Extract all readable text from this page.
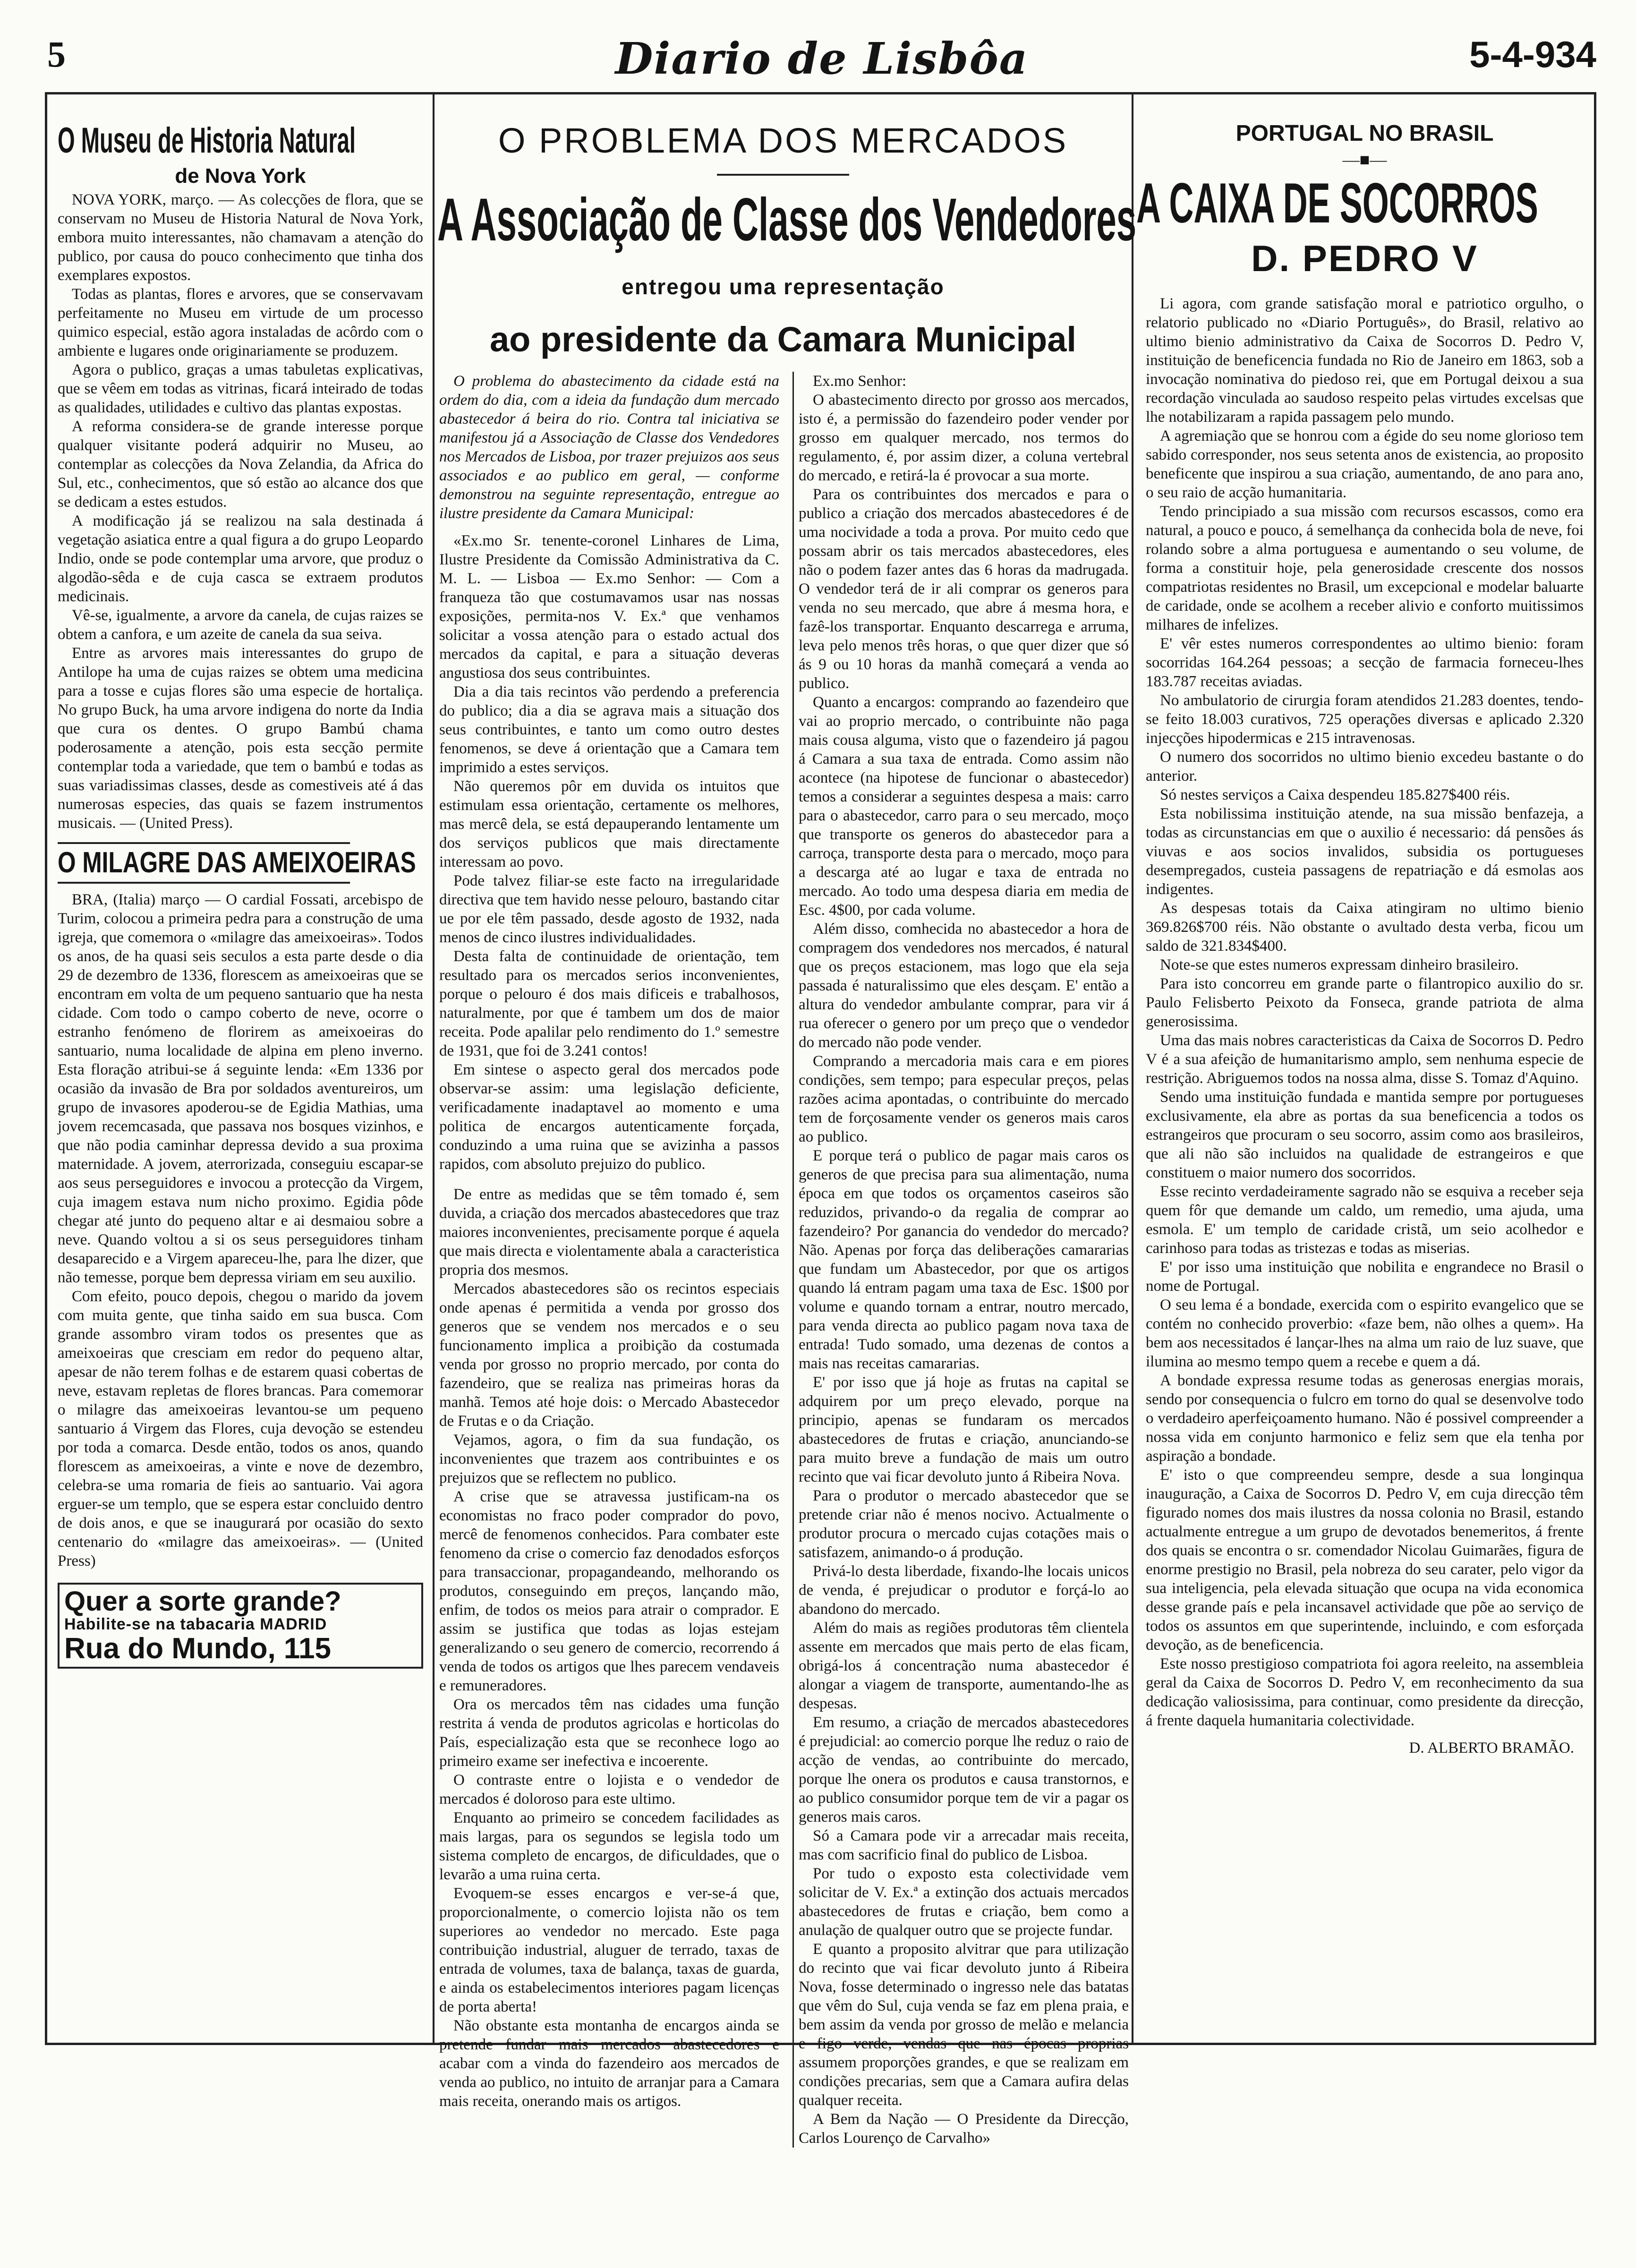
5	Diario de Lisbôa	5-4-934
O Museu de Historia Natural
de Nova York

NOVA YORK, março. — As colecções de flora, que se conservam no Museu de Historia Natural de Nova York, embora muito interessantes, não chamavam a atenção do publico, por causa do pouco conhecimento que tinha dos exemplares expostos.

Todas as plantas, flores e arvores, que se conservavam perfeitamente no Museu em virtude de um processo quimico especial, estão agora instaladas de acôrdo com o ambiente e lugares onde originariamente se produzem.

Agora o publico, graças a umas tabuletas explicativas, que se vêem em todas as vitrinas, ficará inteirado de todas as qualidades, utilidades e cultivo das plantas expostas.

A reforma considera-se de grande interesse porque qualquer visitante poderá adquirir no Museu, ao contemplar as colecções da Nova Zelandia, da Africa do Sul, etc., conhecimentos, que só estão ao alcance dos que se dedicam a estes estudos.

A modificação já se realizou na sala destinada á vegetação asiatica entre a qual figura a do grupo Leopardo Indio, onde se pode contemplar uma arvore, que produz o algodão-sêda e de cuja casca se extraem produtos medicinais.

Vê-se, igualmente, a arvore da canela, de cujas raizes se obtem a canfora, e um azeite de canela da sua seiva.

Entre as arvores mais interessantes do grupo de Antilope ha uma de cujas raizes se obtem uma medicina para a tosse e cujas flores são uma especie de hortaliça. No grupo Buck, ha uma arvore indigena do norte da India que cura os dentes. O grupo Bambú chama poderosamente a atenção, pois esta secção permite contemplar toda a variedade, que tem o bambú e todas as suas variadissimas classes, desde as comestiveis até á das numerosas especies, das quais se fazem instrumentos musicais. — (United Press).

O MILAGRE DAS AMEIXOEIRAS

BRA, (Italia) março — O cardial Fossati, arcebispo de Turim, colocou a primeira pedra para a construção de uma igreja, que comemora o «milagre das ameixoeiras». Todos os anos, de ha quasi seis seculos a esta parte desde o dia 29 de dezembro de 1336, florescem as ameixoeiras que se encontram em volta de um pequeno santuario que ha nesta cidade. Com todo o campo coberto de neve, ocorre o estranho fenómeno de florirem as ameixoeiras do santuario, numa localidade de alpina em pleno inverno. Esta floração atribui-se á seguinte lenda: «Em 1336 por ocasião da invasão de Bra por soldados aventureiros, um grupo de invasores apoderou-se de Egidia Mathias, uma jovem recemcasada, que passava nos bosques vizinhos, e que não podia caminhar depressa devido a sua proxima maternidade. A jovem, aterrorizada, conseguiu escapar-se aos seus perseguidores e invocou a protecção da Virgem, cuja imagem estava num nicho proximo. Egidia pôde chegar até junto do pequeno altar e ai desmaiou sobre a neve. Quando voltou a si os seus perseguidores tinham desaparecido e a Virgem apareceu-lhe, para lhe dizer, que não temesse, porque bem depressa viriam em seu auxilio.

Com efeito, pouco depois, chegou o marido da jovem com muita gente, que tinha saido em sua busca. Com grande assombro viram todos os presentes que as ameixoeiras que cresciam em redor do pequeno altar, apesar de não terem folhas e de estarem quasi cobertas de neve, estavam repletas de flores brancas. Para comemorar o milagre das ameixoeiras levantou-se um pequeno santuario á Virgem das Flores, cuja devoção se estendeu por toda a comarca. Desde então, todos os anos, quando florescem as ameixoeiras, a vinte e nove de dezembro, celebra-se uma romaria de fieis ao santuario. Vai agora erguer-se um templo, que se espera estar concluido dentro de dois anos, e que se inaugurará por ocasião do sexto centenario do «milagre das ameixoeiras». — (United Press)

Quer a sorte grande?
Habilite-se na tabacaria MADRID
Rua do Mundo, 115
O PROBLEMA DOS MERCADOS
A Associação de Classe dos Vendedores
entregou uma representação
ao presidente da Camara Municipal

O problema do abastecimento da cidade está na ordem do dia, com a ideia da fundação dum mercado abastecedor á beira do rio. Contra tal iniciativa se manifestou já a Associação de Classe dos Vendedores nos Mercados de Lisboa, por trazer prejuizos aos seus associados e ao publico em geral, — conforme demonstrou na seguinte representação, entregue ao ilustre presidente da Camara Municipal:

«Ex.mo Sr. tenente-coronel Linhares de Lima, Ilustre Presidente da Comissão Administrativa da C. M. L. — Lisboa — Ex.mo Senhor: — Com a franqueza tão que costumavamos usar nas nossas exposições, permita-nos V. Ex.ª que venhamos solicitar a vossa atenção para o estado actual dos mercados da capital, e para a situação deveras angustiosa dos seus contribuintes.

Dia a dia tais recintos vão perdendo a preferencia do publico; dia a dia se agrava mais a situação dos seus contribuintes, e tanto um como outro destes fenomenos, se deve á orientação que a Camara tem imprimido a estes serviços.

Não queremos pôr em duvida os intuitos que estimulam essa orientação, certamente os melhores, mas mercê dela, se está depauperando lentamente um dos serviços publicos que mais directamente interessam ao povo.

Pode talvez filiar-se este facto na irregularidade directiva que tem havido nesse pelouro, bastando citar ue por ele têm passado, desde agosto de 1932, nada menos de cinco ilustres individualidades.

Desta falta de continuidade de orientação, tem resultado para os mercados serios inconvenientes, porque o pelouro é dos mais dificeis e trabalhosos, naturalmente, por que é tambem um dos de maior receita. Pode apalilar pelo rendimento do 1.º semestre de 1931, que foi de 3.241 contos!

Em sintese o aspecto geral dos mercados pode observar-se assim: uma legislação deficiente, verificadamente inadaptavel ao momento e uma politica de encargos autenticamente forçada, conduzindo a uma ruina que se avizinha a passos rapidos, com absoluto prejuizo do publico.

De entre as medidas que se têm tomado é, sem duvida, a criação dos mercados abastecedores que traz maiores inconvenientes, precisamente porque é aquela que mais directa e violentamente abala a caracteristica propria dos mesmos.

Mercados abastecedores são os recintos especiais onde apenas é permitida a venda por grosso dos generos que se vendem nos mercados e o seu funcionamento implica a proibição da costumada venda por grosso no proprio mercado, por conta do fazendeiro, que se realiza nas primeiras horas da manhã. Temos até hoje dois: o Mercado Abastecedor de Frutas e o da Criação.

Vejamos, agora, o fim da sua fundação, os inconvenientes que trazem aos contribuintes e os prejuizos que se reflectem no publico.

A crise que se atravessa justificam-na os economistas no fraco poder comprador do povo, mercê de fenomenos conhecidos. Para combater este fenomeno da crise o comercio faz denodados esforços para transaccionar, propagandeando, melhorando os produtos, conseguindo em preços, lançando mão, enfim, de todos os meios para atrair o comprador. E assim se justifica que todas as lojas estejam generalizando o seu genero de comercio, recorrendo á venda de todos os artigos que lhes parecem vendaveis e remuneradores.

Ora os mercados têm nas cidades uma função restrita á venda de produtos agricolas e horticolas do País, especialização esta que se reconhece logo ao primeiro exame ser inefectiva e incoerente.

O contraste entre o lojista e o vendedor de mercados é doloroso para este ultimo.

Enquanto ao primeiro se concedem facilidades as mais largas, para os segundos se legisla todo um sistema completo de encargos, de dificuldades, que o levarão a uma ruina certa.

Evoquem-se esses encargos e ver-se-á que, proporcionalmente, o comercio lojista não os tem superiores ao vendedor no mercado. Este paga contribuição industrial, aluguer de terrado, taxas de entrada de volumes, taxa de balança, taxas de guarda, e ainda os estabelecimentos interiores pagam licenças de porta aberta!

Não obstante esta montanha de encargos ainda se pretende fundar mais mercados abastecedores e acabar com a vinda do fazendeiro aos mercados de venda ao publico, no intuito de arranjar para a Camara mais receita, onerando mais os artigos.

Ex.mo Senhor:

O abastecimento directo por grosso aos mercados, isto é, a permissão do fazendeiro poder vender por grosso em qualquer mercado, nos termos do regulamento, é, por assim dizer, a coluna vertebral do mercado, e retirá-la é provocar a sua morte.

Para os contribuintes dos mercados e para o publico a criação dos mercados abastecedores é de uma nocividade a toda a prova. Por muito cedo que possam abrir os tais mercados abastecedores, eles não o podem fazer antes das 6 horas da madrugada. O vendedor terá de ir ali comprar os generos para venda no seu mercado, que abre á mesma hora, e fazê-los transportar. Enquanto descarrega e arruma, leva pelo menos três horas, o que quer dizer que só ás 9 ou 10 horas da manhã começará a venda ao publico.

Quanto a encargos: comprando ao fazendeiro que vai ao proprio mercado, o contribuinte não paga mais cousa alguma, visto que o fazendeiro já pagou á Camara a sua taxa de entrada. Como assim não acontece (na hipotese de funcionar o abastecedor) temos a considerar a seguintes despesa a mais: carro para o abastecedor, carro para o seu mercado, moço que transporte os generos do abastecedor para a carroça, transporte desta para o mercado, moço para a descarga até ao lugar e taxa de entrada no mercado. Ao todo uma despesa diaria em media de Esc. 4$00, por cada volume.

Além disso, comhecida no abastecedor a hora de compragem dos vendedores nos mercados, é natural que os preços estacionem, mas logo que ela seja passada é naturalissimo que eles desçam. E' então a altura do vendedor ambulante comprar, para vir á rua oferecer o genero por um preço que o vendedor do mercado não pode vender.

Comprando a mercadoria mais cara e em piores condições, sem tempo; para especular preços, pelas razões acima apontadas, o contribuinte do mercado tem de forçosamente vender os generos mais caros ao publico.

E porque terá o publico de pagar mais caros os generos de que precisa para sua alimentação, numa época em que todos os orçamentos caseiros são reduzidos, privando-o da regalia de comprar ao fazendeiro? Por ganancia do vendedor do mercado? Não. Apenas por força das deliberações camararias que fundam um Abastecedor, por que os artigos quando lá entram pagam uma taxa de Esc. 1$00 por volume e quando tornam a entrar, noutro mercado, para venda directa ao publico pagam nova taxa de entrada! Tudo somado, uma dezenas de contos a mais nas receitas camararias.

E' por isso que já hoje as frutas na capital se adquirem por um preço elevado, porque na principio, apenas se fundaram os mercados abastecedores de frutas e criação, anunciando-se para muito breve a fundação de mais um outro recinto que vai ficar devoluto junto á Ribeira Nova.

Para o produtor o mercado abastecedor que se pretende criar não é menos nocivo. Actualmente o produtor procura o mercado cujas cotações mais o satisfazem, animando-o á produção.

Privá-lo desta liberdade, fixando-lhe locais unicos de venda, é prejudicar o produtor e forçá-lo ao abandono do mercado.

Além do mais as regiões produtoras têm clientela assente em mercados que mais perto de elas ficam, obrigá-los á concentração numa abastecedor é alongar a viagem de transporte, aumentando-lhe as despesas.

Em resumo, a criação de mercados abastecedores é prejudicial: ao comercio porque lhe reduz o raio de acção de vendas, ao contribuinte do mercado, porque lhe onera os produtos e causa transtornos, e ao publico consumidor porque tem de vir a pagar os generos mais caros.

Só a Camara pode vir a arrecadar mais receita, mas com sacrificio final do publico de Lisboa.

Por tudo o exposto esta colectividade vem solicitar de V. Ex.ª a extinção dos actuais mercados abastecedores de frutas e criação, bem como a anulação de qualquer outro que se projecte fundar.

E quanto a proposito alvitrar que para utilização do recinto que vai ficar devoluto junto á Ribeira Nova, fosse determinado o ingresso nele das batatas que vêm do Sul, cuja venda se faz em plena praia, e bem assim da venda por grosso de melão e melancia e figo verde, vendas que nas épocas proprias assumem proporções grandes, e que se realizam em condições precarias, sem que a Camara aufira delas qualquer receita.

A Bem da Nação — O Presidente da Direcção, Carlos Lourenço de Carvalho»

PORTUGAL NO BRASIL
—■—
A CAIXA DE SOCORROS
D. PEDRO V

Li agora, com grande satisfação moral e patriotico orgulho, o relatorio publicado no «Diario Português», do Brasil, relativo ao ultimo bienio administrativo da Caixa de Socorros D. Pedro V, instituição de beneficencia fundada no Rio de Janeiro em 1863, sob a invocação nominativa do piedoso rei, que em Portugal deixou a sua recordação vinculada ao saudoso respeito pelas virtudes excelsas que lhe notabilizaram a rapida passagem pelo mundo.

A agremiação que se honrou com a égide do seu nome glorioso tem sabido corresponder, nos seus setenta anos de existencia, ao proposito beneficente que inspirou a sua criação, aumentando, de ano para ano, o seu raio de acção humanitaria.

Tendo principiado a sua missão com recursos escassos, como era natural, a pouco e pouco, á semelhança da conhecida bola de neve, foi rolando sobre a alma portuguesa e aumentando o seu volume, de forma a constituir hoje, pela generosidade crescente dos nossos compatriotas residentes no Brasil, um excepcional e modelar baluarte de caridade, onde se acolhem a receber alivio e conforto muitissimos milhares de infelizes.

E' vêr estes numeros correspondentes ao ultimo bienio: foram socorridas 164.264 pessoas; a secção de farmacia forneceu-lhes 183.787 receitas aviadas.

No ambulatorio de cirurgia foram atendidos 21.283 doentes, tendo-se feito 18.003 curativos, 725 operações diversas e aplicado 2.320 injecções hipodermicas e 215 intravenosas.

O numero dos socorridos no ultimo bienio excedeu bastante o do anterior.

Só nestes serviços a Caixa despendeu 185.827$400 réis.

Esta nobilissima instituição atende, na sua missão benfazeja, a todas as circunstancias em que o auxilio é necessario: dá pensões ás viuvas e aos socios invalidos, subsidia os portugueses desempregados, custeia passagens de repatriação e dá esmolas aos indigentes.

As despesas totais da Caixa atingiram no ultimo bienio 369.826$700 réis. Não obstante o avultado desta verba, ficou um saldo de 321.834$400.

Note-se que estes numeros expressam dinheiro brasileiro.

Para isto concorreu em grande parte o filantropico auxilio do sr. Paulo Felisberto Peixoto da Fonseca, grande patriota de alma generosissima.

Uma das mais nobres caracteristicas da Caixa de Socorros D. Pedro V é a sua afeição de humanitarismo amplo, sem nenhuma especie de restrição. Abriguemos todos na nossa alma, disse S. Tomaz d'Aquino.

Sendo uma instituição fundada e mantida sempre por portugueses exclusivamente, ela abre as portas da sua beneficencia a todos os estrangeiros que procuram o seu socorro, assim como aos brasileiros, que ali não são incluidos na qualidade de estrangeiros e que constituem o maior numero dos socorridos.

Esse recinto verdadeiramente sagrado não se esquiva a receber seja quem fôr que demande um caldo, um remedio, uma ajuda, uma esmola. E' um templo de caridade cristã, um seio acolhedor e carinhoso para todas as tristezas e todas as miserias.

E' por isso uma instituição que nobilita e engrandece no Brasil o nome de Portugal.

O seu lema é a bondade, exercida com o espirito evangelico que se contém no conhecido proverbio: «faze bem, não olhes a quem». Ha bem aos necessitados é lançar-lhes na alma um raio de luz suave, que ilumina ao mesmo tempo quem a recebe e quem a dá.

A bondade expressa resume todas as generosas energias morais, sendo por consequencia o fulcro em torno do qual se desenvolve todo o verdadeiro aperfeiçoamento humano. Não é possivel compreender a nossa vida em conjunto harmonico e feliz sem que ela tenha por aspiração a bondade.

E' isto o que compreendeu sempre, desde a sua longinqua inauguração, a Caixa de Socorros D. Pedro V, em cuja direcção têm figurado nomes dos mais ilustres da nossa colonia no Brasil, estando actualmente entregue a um grupo de devotados benemeritos, á frente dos quais se encontra o sr. comendador Nicolau Guimarães, figura de enorme prestigio no Brasil, pela nobreza do seu carater, pelo vigor da sua inteligencia, pela elevada situação que ocupa na vida economica desse grande país e pela incansavel actividade que põe ao serviço de todos os assuntos em que superintende, incluindo, e com esforçada devoção, as de beneficencia.

Este nosso prestigioso compatriota foi agora reeleito, na assembleia geral da Caixa de Socorros D. Pedro V, em reconhecimento da sua dedicação valiosissima, para continuar, como presidente da direcção, á frente daquela humanitaria colectividade.

D. ALBERTO BRAMÃO.
